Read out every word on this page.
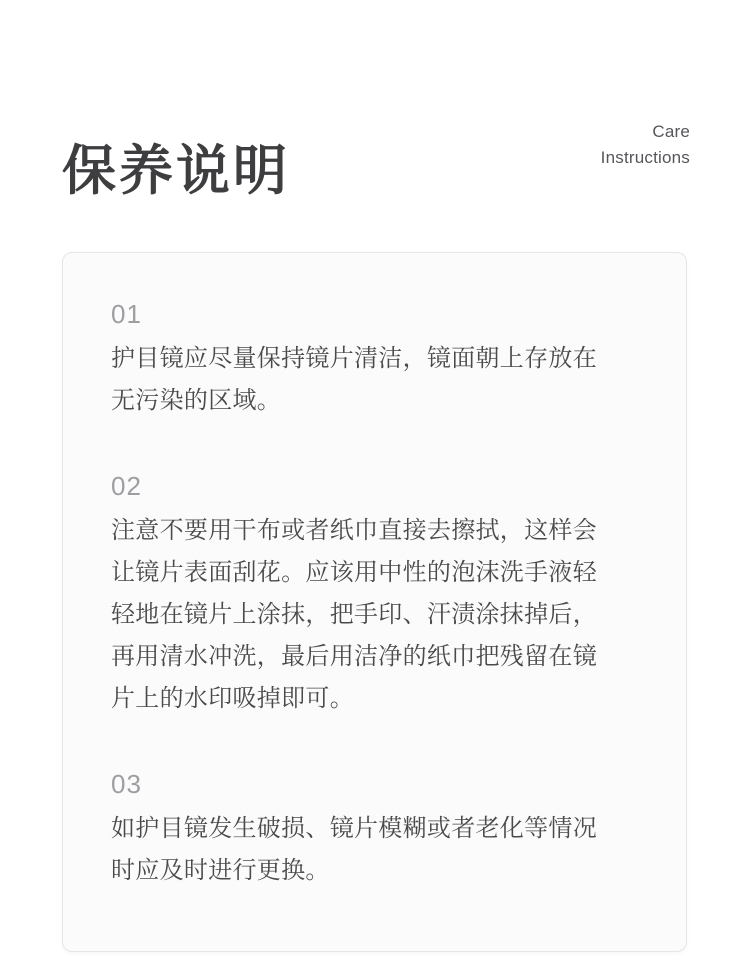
保养说明
Care
Instructions
01

护目镜应尽量保持镜片清洁，镜面朝上存放在无污染的区域。

02

注意不要用干布或者纸巾直接去擦拭，这样会让镜片表面刮花。应该用中性的泡沫洗手液轻轻地在镜片上涂抹，把手印、汗渍涂抹掉后，再用清水冲洗，最后用洁净的纸巾把残留在镜片上的水印吸掉即可。

03

如护目镜发生破损、镜片模糊或者老化等情况时应及时进行更换。
